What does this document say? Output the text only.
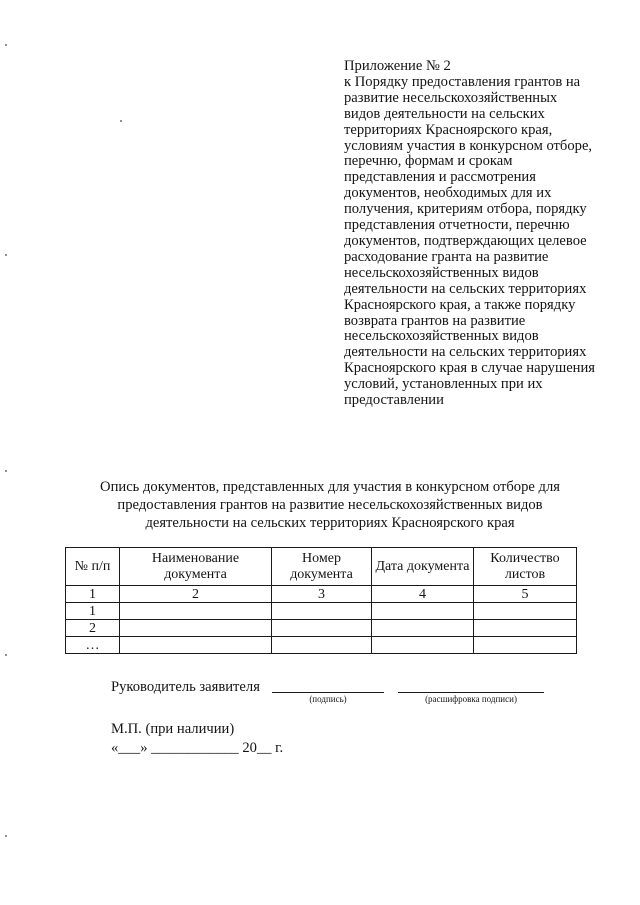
Приложение № 2
к Порядку предоставления грантов на
развитие несельскохозяйственных
видов деятельности на сельских
территориях Красноярского края,
условиям участия в конкурсном отборе,
перечню, формам и срокам
представления и рассмотрения
документов, необходимых для их
получения, критериям отбора, порядку
представления отчетности, перечню
документов, подтверждающих целевое
расходование гранта на развитие
несельскохозяйственных видов
деятельности на сельских территориях
Красноярского края, а также порядку
возврата грантов на развитие
несельскохозяйственных видов
деятельности на сельских территориях
Красноярского края в случае нарушения
условий, установленных при их
предоставлении
Опись документов, представленных для участия в конкурсном отборе для
предоставления грантов на развитие несельскохозяйственных видов
деятельности на сельских территориях Красноярского края
№ п/п	Наименование документа	Номер документа	Дата документа	Количество листов
1	2	3	4	5
1				
2				
…				
Руководитель заявителя
(подпись)	(расшифровка подписи)
М.П. (при наличии)
«___» ____________ 20__ г.
